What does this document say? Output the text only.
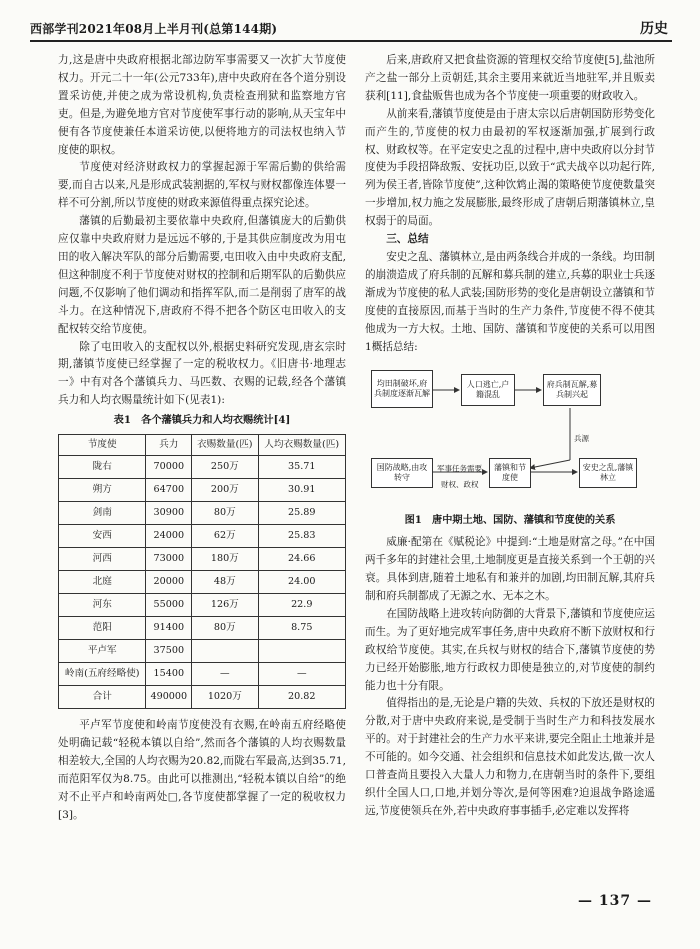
西部学刊2021年08月上半月刊(总第144期)	历史

力,这是唐中央政府根据北部边防军事需要又一次扩大节度使权力。开元二十一年(公元733年),唐中央政府在各个道分别设置采访使,并使之成为常设机构,负责检查刑狱和监察地方官吏。但是,为避免地方官对节度使军事行动的影响,从天宝年中便有各节度使兼任本道采访使,以便将地方的司法权也纳入节度使的职权。

节度使对经济财政权力的掌握起源于军需后勤的供给需要,而自古以来,凡是形成武装割据的,军权与财权都像连体婴一样不可分割,所以节度使的财政来源值得重点探究论述。

藩镇的后勤最初主要依靠中央政府,但藩镇庞大的后勤供应仅靠中央政府财力是远远不够的,于是其供应制度改为用屯田的收入解决军队的部分后勤需要,屯田收入由中央政府支配,但这种制度不利于节度使对财权的控制和后期军队的后勤供应问题,不仅影响了他们调动和指挥军队,而二是削弱了唐军的战斗力。在这种情况下,唐政府不得不把各个防区屯田收入的支配权转交给节度使。

除了屯田收入的支配权以外,根据史料研究发现,唐玄宗时期,藩镇节度使已经掌握了一定的税收权力。《旧唐书·地理志一》中有对各个藩镇兵力、马匹数、衣赐的记载,经各个藩镇兵力和人均衣赐量统计如下(见表1):

表1　各个藩镇兵力和人均衣赐统计[4]
节度使	兵力	衣赐数量(匹)	人均衣赐数量(匹)
陇右	70000	250万	35.71
朔方	64700	200万	30.91
剑南	30900	80万	25.89
安西	24000	62万	25.83
河西	73000	180万	24.66
北庭	20000	48万	24.00
河东	55000	126万	22.9
范阳	91400	80万	8.75
平卢军	37500		
岭南(五府经略使)	15400	—	—
合计	490000	1020万	20.82

平卢军节度使和岭南节度使没有衣赐,在岭南五府经略使处明确记载“轻税本镇以自给”,然而各个藩镇的人均衣赐数量相差较大,全国的人均衣赐为20.82,而陇右军最高,达到35.71,而范阳军仅为8.75。由此可以推测出,“轻税本镇以自给”的绝对不止平卢和岭南两处□,各节度使都掌握了一定的税收权力[3]。

后来,唐政府又把食盐资源的管理权交给节度使[5],盐池所产之盐一部分上贡朝廷,其余主要用来就近当地驻军,并且贩卖获利[11],食盐贩售也成为各个节度使一项重要的财政收入。

从前来看,藩镇节度使是由于唐太宗以后唐朝国防形势变化而产生的,节度使的权力由最初的军权逐渐加强,扩展到行政权、财政权等。在平定安史之乱的过程中,唐中央政府以分封节度使为手段招降敌叛、安抚功臣,以致于“武夫战卒以功起行阵,列为侯王者,皆除节度使”,这种饮鸩止渴的策略使节度使数量突一步增加,权力施之发展膨胀,最终形成了唐朝后期藩镇林立,皇权弱于的局面。

三、总结

安史之乱、藩镇林立,是由两条线合并成的一条线。均田制的崩溃造成了府兵制的瓦解和募兵制的建立,兵募的职业士兵逐渐成为节度使的私人武装;国防形势的变化是唐朝设立藩镇和节度使的直接原因,而基于当时的生产力条件,节度使不得不使其他成为一方大权。土地、国防、藩镇和节度使的关系可以用图1概括总结:

均田制破坏,府兵制度逐渐瓦解
人口逃亡,户籍混乱
府兵制瓦解,募兵制兴起
国防战略,由攻转守
藩镇和节度使
安史之乱,藩镇林立
兵源
军事任务需要
财权、政权
图1　唐中期土地、国防、藩镇和节度使的关系

威廉·配第在《赋税论》中提到:“土地是财富之母。”在中国两千多年的封建社会里,土地制度更是直接关系到一个王朝的兴衰。具体到唐,随着土地私有和兼并的加剧,均田制瓦解,其府兵制和府兵制都成了无源之水、无本之木。

在国防战略上进攻转向防御的大背景下,藩镇和节度使应运而生。为了更好地完成军事任务,唐中央政府不断下放财权和行政权给节度使。其实,在兵权与财权的结合下,藩镇节度使的势力已经开始膨胀,地方行政权力即使是独立的,对节度使的制约能力也十分有限。

值得指出的是,无论是户籍的失效、兵权的下放还是财权的分散,对于唐中央政府来说,是受制于当时生产力和科技发展水平的。对于封建社会的生产力水平来讲,要完全阻止土地兼并是不可能的。如今交通、社会组织和信息技术如此发达,做一次人口普查尚且要投入大量人力和物力,在唐朝当时的条件下,要组织什全国人口,口地,并划分等次,是何等困难?迫退战争路途遥远,节度使领兵在外,若中央政府事事插手,必定难以发挥将

— 137 —
